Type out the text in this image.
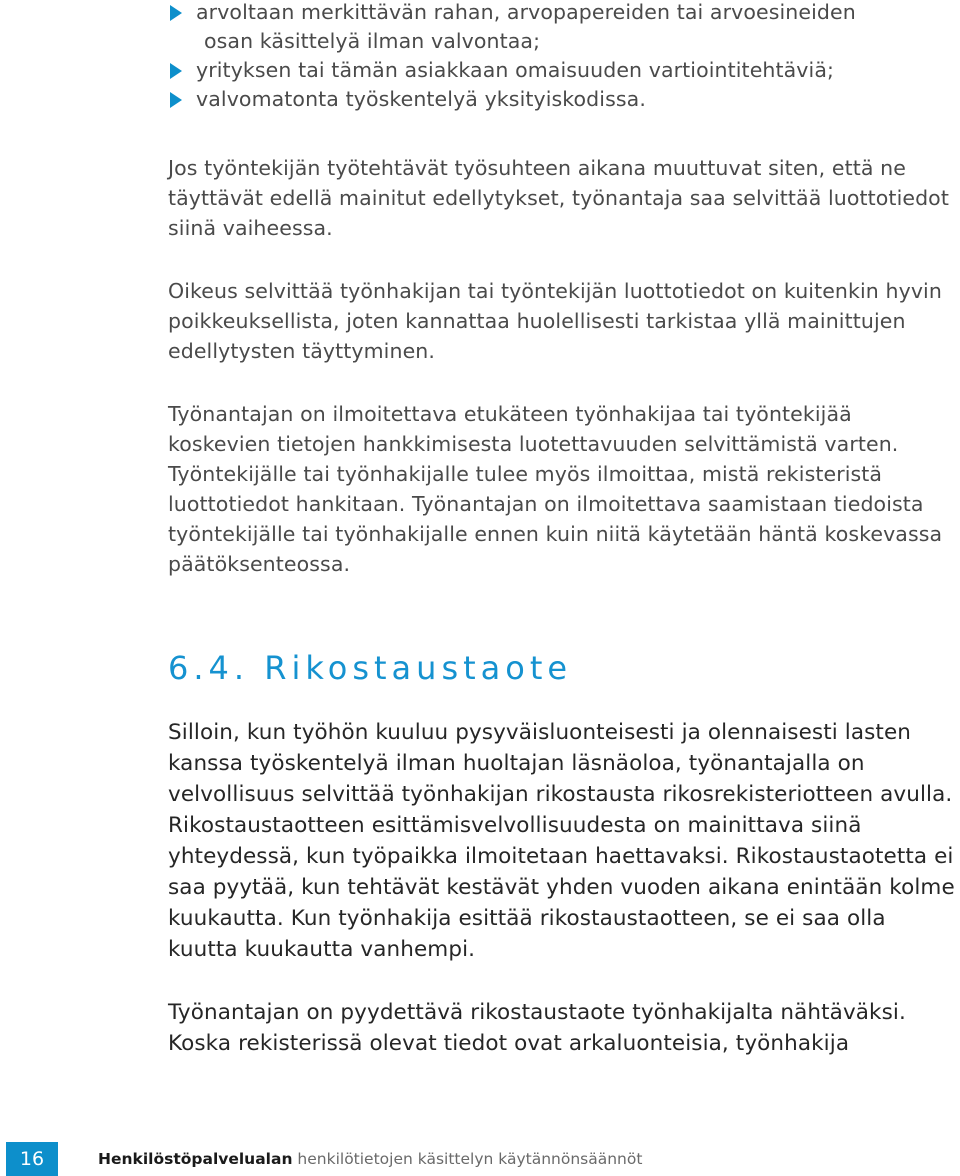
arvoltaan merkittävän rahan, arvopapereiden tai arvoesineiden
osan käsittelyä ilman valvontaa;
yrityksen tai tämän asiakkaan omaisuuden vartiointitehtäviä;
valvomatonta työskentelyä yksityiskodissa.

Jos työntekijän työtehtävät työsuhteen aikana muuttuvat siten, että ne täyttävät edellä mainitut edellytykset, työnantaja saa selvittää luottotiedot siinä vaiheessa.

Oikeus selvittää työnhakijan tai työntekijän luottotiedot on kuitenkin hyvin poikkeuksellista, joten kannattaa huolellisesti tarkistaa yllä mainittujen edellytysten täyttyminen.

Työnantajan on ilmoitettava etukäteen työnhakijaa tai työntekijää koskevien tietojen hankkimisesta luotettavuuden selvittämistä varten. Työntekijälle tai työnhakijalle tulee myös ilmoittaa, mistä rekisteristä luottotiedot hankitaan. Työnantajan on ilmoitettava saamistaan tiedoista työntekijälle tai työnhakijalle ennen kuin niitä käytetään häntä koskevassa päätöksenteossa.

6.4. Rikostaustaote

Silloin, kun työhön kuuluu pysyväisluonteisesti ja olennaisesti lasten kanssa työskentelyä ilman huoltajan läsnäoloa, työnantajalla on velvollisuus selvittää työnhakijan rikostausta rikosrekisteriotteen avulla. Rikostaustaotteen esittämisvelvollisuudesta on mainittava siinä yhteydessä, kun työpaikka ilmoitetaan haettavaksi. Rikostaustaotetta ei saa pyytää, kun tehtävät kestävät yhden vuoden aikana enintään kolme kuukautta. Kun työnhakija esittää rikostaustaotteen, se ei saa olla kuutta kuukautta vanhempi.

Työnantajan on pyydettävä rikostaustaote työnhakijalta nähtäväksi. Koska rekisterissä olevat tiedot ovat arkaluonteisia, työnhakija

16	Henkilöstöpalvelualan henkilötietojen käsittelyn käytännönsäännöt
